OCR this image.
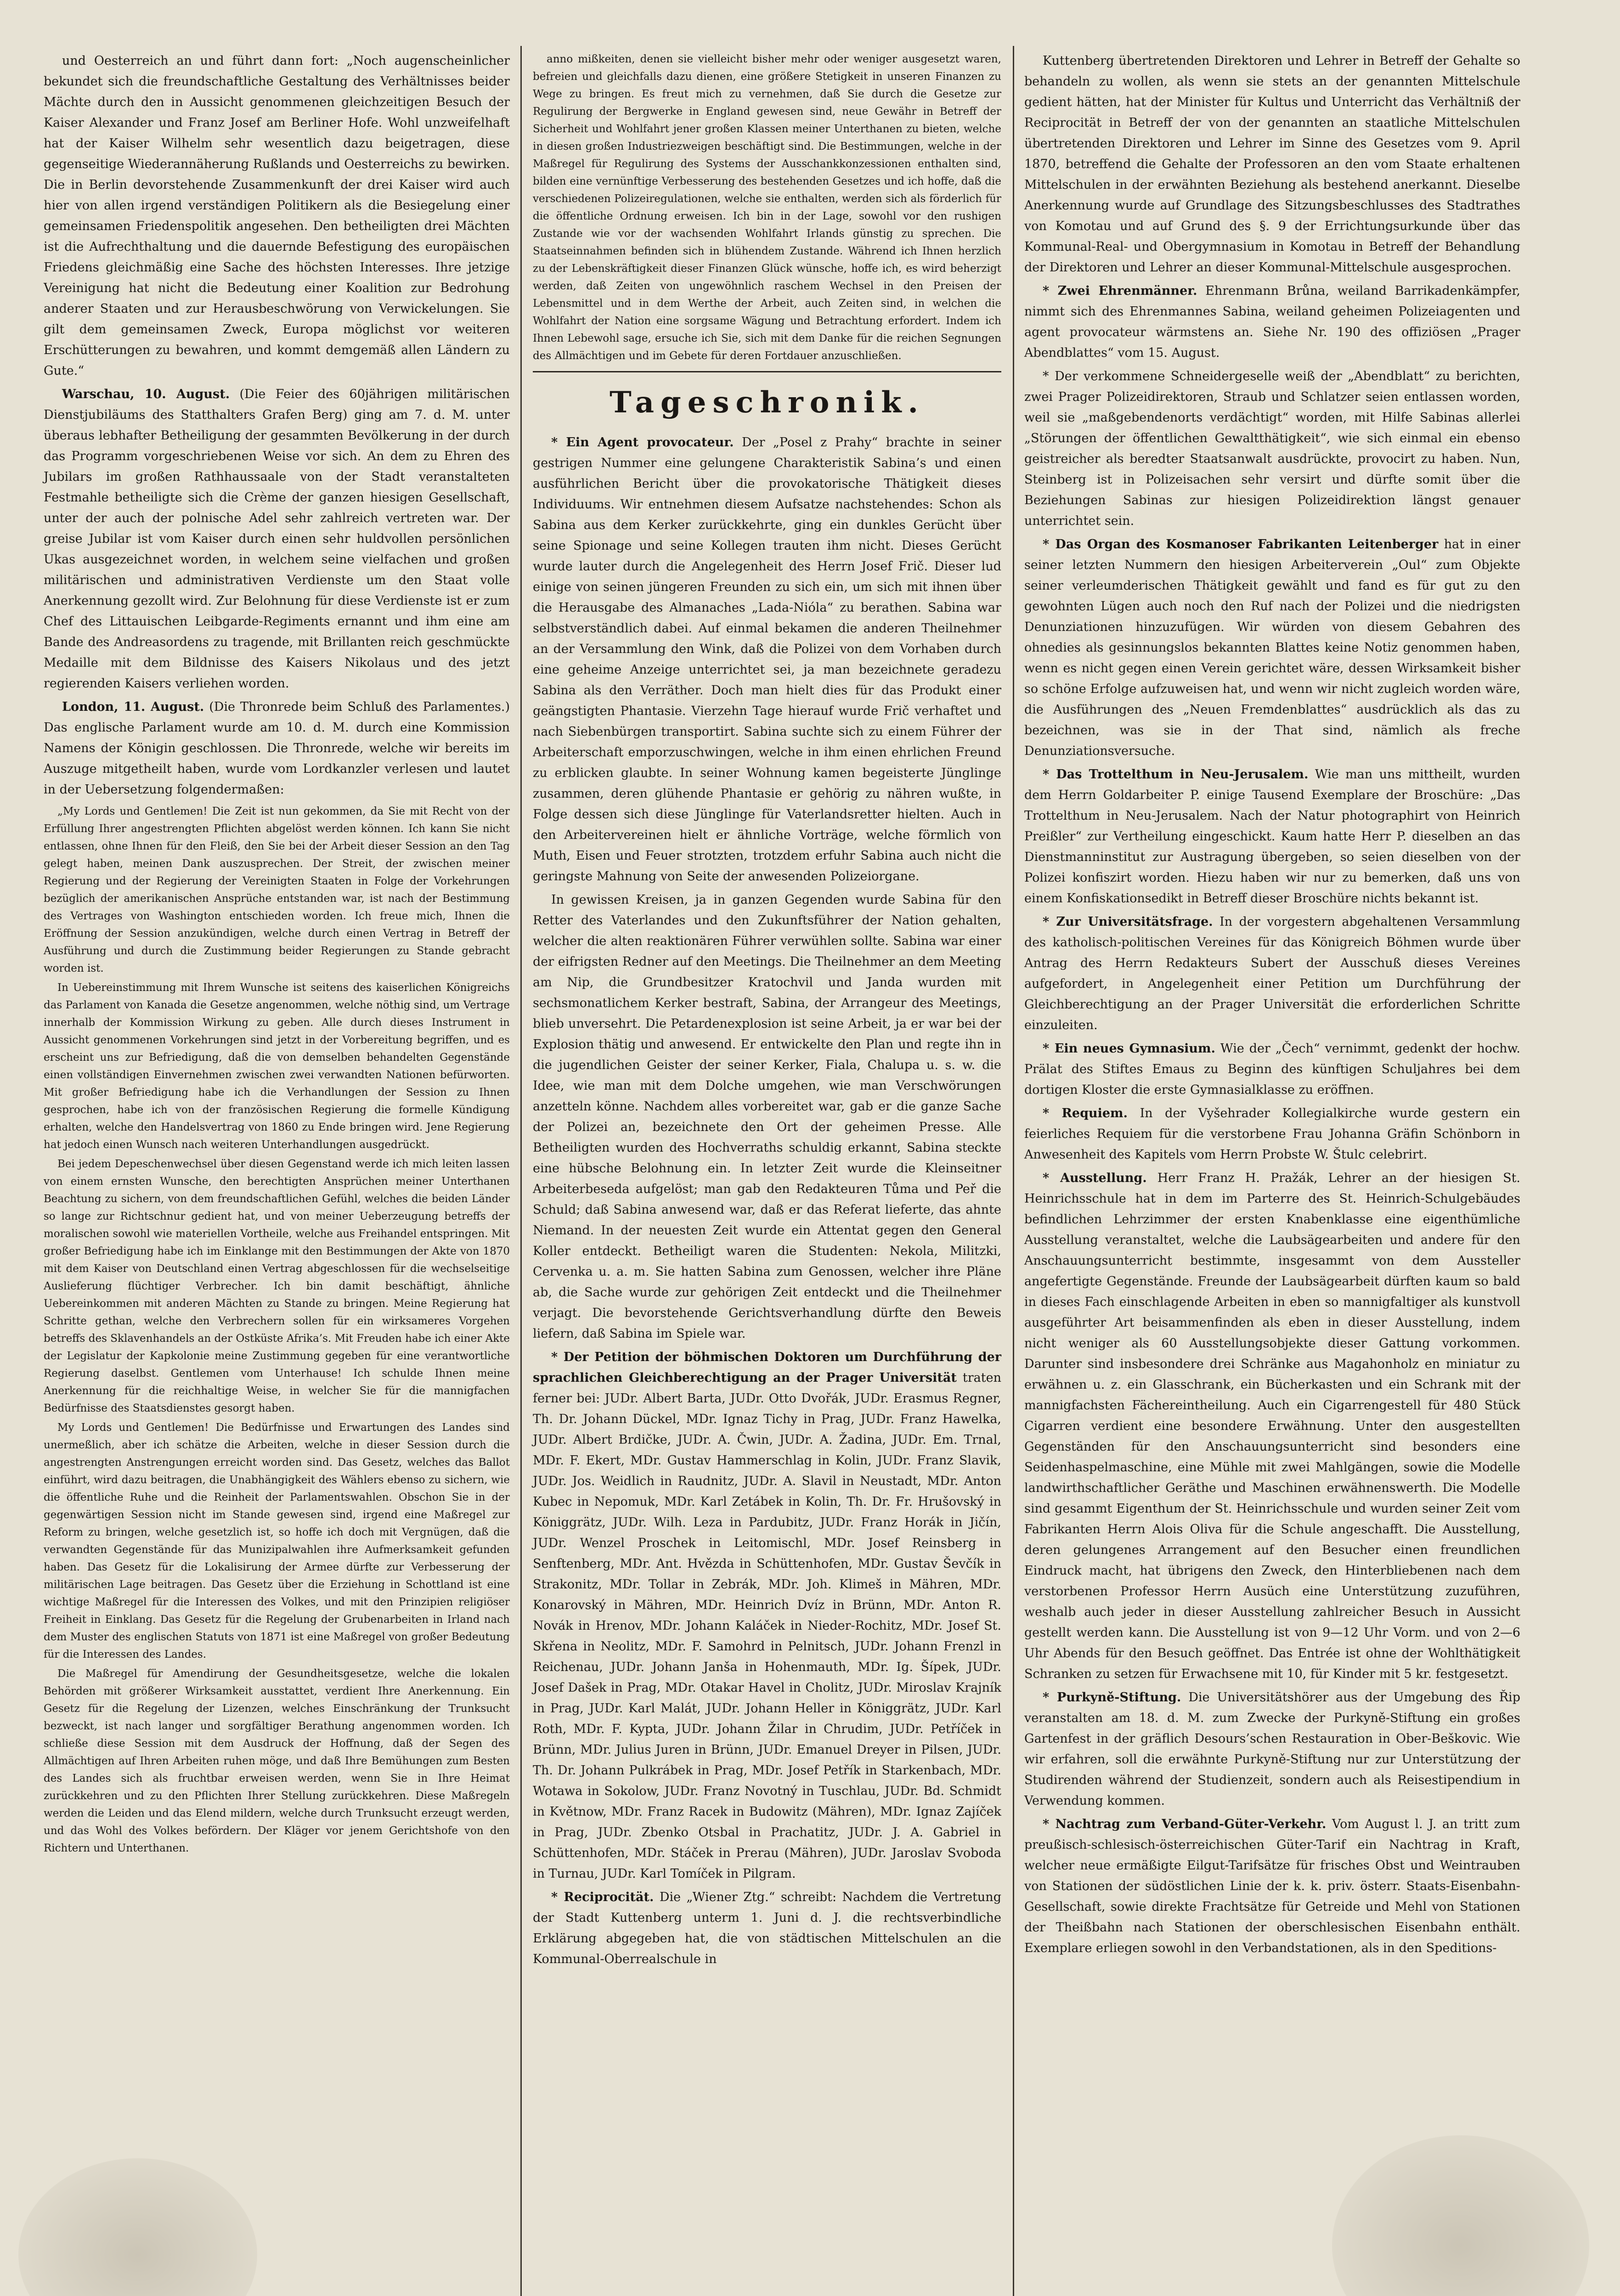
und Oesterreich an und führt dann fort: „Noch augenscheinlicher bekundet sich die freundschaftliche Gestaltung des Verhältnisses beider Mächte durch den in Aussicht genommenen gleichzeitigen Besuch der Kaiser Alexander und Franz Josef am Berliner Hofe. Wohl unzweifelhaft hat der Kaiser Wilhelm sehr wesentlich dazu beigetragen, diese gegenseitige Wiederannäherung Rußlands und Oesterreichs zu bewirken. Die in Berlin devorstehende Zusammenkunft der drei Kaiser wird auch hier von allen irgend verständigen Politikern als die Besiegelung einer gemeinsamen Friedenspolitik angesehen. Den betheiligten drei Mächten ist die Aufrechthaltung und die dauernde Befestigung des europäischen Friedens gleichmäßig eine Sache des höchsten Interesses. Ihre jetzige Vereinigung hat nicht die Bedeutung einer Koalition zur Bedrohung anderer Staaten und zur Herausbeschwörung von Verwickelungen. Sie gilt dem gemeinsamen Zweck, Europa möglichst vor weiteren Erschütterungen zu bewahren, und kommt demgemäß allen Ländern zu Gute.“

Warschau, 10. August. (Die Feier des 60jährigen militärischen Dienstjubiläums des Statthalters Grafen Berg) ging am 7. d. M. unter überaus lebhafter Betheiligung der gesammten Bevölkerung in der durch das Programm vorgeschriebenen Weise vor sich. An dem zu Ehren des Jubilars im großen Rathhaussaale von der Stadt veranstalteten Festmahle betheiligte sich die Crème der ganzen hiesigen Gesellschaft, unter der auch der polnische Adel sehr zahlreich vertreten war. Der greise Jubilar ist vom Kaiser durch einen sehr huldvollen persönlichen Ukas ausgezeichnet worden, in welchem seine vielfachen und großen militärischen und administrativen Verdienste um den Staat volle Anerkennung gezollt wird. Zur Belohnung für diese Verdienste ist er zum Chef des Littauischen Leibgarde-Regiments ernannt und ihm eine am Bande des Andreasordens zu tragende, mit Brillanten reich geschmückte Medaille mit dem Bildnisse des Kaisers Nikolaus und des jetzt regierenden Kaisers verliehen worden.

London, 11. August. (Die Thronrede beim Schluß des Parlamentes.) Das englische Parlament wurde am 10. d. M. durch eine Kommission Namens der Königin geschlossen. Die Thronrede, welche wir bereits im Auszuge mitgetheilt haben, wurde vom Lordkanzler verlesen und lautet in der Uebersetzung folgendermaßen:

„My Lords und Gentlemen! Die Zeit ist nun gekommen, da Sie mit Recht von der Erfüllung Ihrer angestrengten Pflichten abgelöst werden können. Ich kann Sie nicht entlassen, ohne Ihnen für den Fleiß, den Sie bei der Arbeit dieser Session an den Tag gelegt haben, meinen Dank auszusprechen. Der Streit, der zwischen meiner Regierung und der Regierung der Vereinigten Staaten in Folge der Vorkehrungen bezüglich der amerikanischen Ansprüche entstanden war, ist nach der Bestimmung des Vertrages von Washington entschieden worden. Ich freue mich, Ihnen die Eröffnung der Session anzukündigen, welche durch einen Vertrag in Betreff der Ausführung und durch die Zustimmung beider Regierungen zu Stande gebracht worden ist.

In Uebereinstimmung mit Ihrem Wunsche ist seitens des kaiserlichen Königreichs das Parlament von Kanada die Gesetze angenommen, welche nöthig sind, um Vertrage innerhalb der Kommission Wirkung zu geben. Alle durch dieses Instrument in Aussicht genommenen Vorkehrungen sind jetzt in der Vorbereitung begriffen, und es erscheint uns zur Befriedigung, daß die von demselben behandelten Gegenstände einen vollständigen Einvernehmen zwischen zwei verwandten Nationen befürworten. Mit großer Befriedigung habe ich die Verhandlungen der Session zu Ihnen gesprochen, habe ich von der französischen Regierung die formelle Kündigung erhalten, welche den Handelsvertrag von 1860 zu Ende bringen wird. Jene Regierung hat jedoch einen Wunsch nach weiteren Unterhandlungen ausgedrückt.

Bei jedem Depeschenwechsel über diesen Gegenstand werde ich mich leiten lassen von einem ernsten Wunsche, den berechtigten Ansprüchen meiner Unterthanen Beachtung zu sichern, von dem freundschaftlichen Gefühl, welches die beiden Länder so lange zur Richtschnur gedient hat, und von meiner Ueberzeugung betreffs der moralischen sowohl wie materiellen Vortheile, welche aus Freihandel entspringen. Mit großer Befriedigung habe ich im Einklange mit den Bestimmungen der Akte von 1870 mit dem Kaiser von Deutschland einen Vertrag abgeschlossen für die wechselseitige Auslieferung flüchtiger Verbrecher. Ich bin damit beschäftigt, ähnliche Uebereinkommen mit anderen Mächten zu Stande zu bringen. Meine Regierung hat Schritte gethan, welche den Verbrechern sollen für ein wirksameres Vorgehen betreffs des Sklavenhandels an der Ostküste Afrika’s. Mit Freuden habe ich einer Akte der Legislatur der Kapkolonie meine Zustimmung gegeben für eine verantwortliche Regierung daselbst. Gentlemen vom Unterhause! Ich schulde Ihnen meine Anerkennung für die reichhaltige Weise, in welcher Sie für die mannigfachen Bedürfnisse des Staatsdienstes gesorgt haben.

My Lords und Gentlemen! Die Bedürfnisse und Erwartungen des Landes sind unermeßlich, aber ich schätze die Arbeiten, welche in dieser Session durch die angestrengten Anstrengungen erreicht worden sind. Das Gesetz, welches das Ballot einführt, wird dazu beitragen, die Unabhängigkeit des Wählers ebenso zu sichern, wie die öffentliche Ruhe und die Reinheit der Parlamentswahlen. Obschon Sie in der gegenwärtigen Session nicht im Stande gewesen sind, irgend eine Maßregel zur Reform zu bringen, welche gesetzlich ist, so hoffe ich doch mit Vergnügen, daß die verwandten Gegenstände für das Munizipalwahlen ihre Aufmerksamkeit gefunden haben. Das Gesetz für die Lokalisirung der Armee dürfte zur Verbesserung der militärischen Lage beitragen. Das Gesetz über die Erziehung in Schottland ist eine wichtige Maßregel für die Interessen des Volkes, und mit den Prinzipien religiöser Freiheit in Einklang. Das Gesetz für die Regelung der Grubenarbeiten in Irland nach dem Muster des englischen Statuts von 1871 ist eine Maßregel von großer Bedeutung für die Interessen des Landes.

Die Maßregel für Amendirung der Gesundheitsgesetze, welche die lokalen Behörden mit größerer Wirksamkeit ausstattet, verdient Ihre Anerkennung. Ein Gesetz für die Regelung der Lizenzen, welches Einschränkung der Trunksucht bezweckt, ist nach langer und sorgfältiger Berathung angenommen worden. Ich schließe diese Session mit dem Ausdruck der Hoffnung, daß der Segen des Allmächtigen auf Ihren Arbeiten ruhen möge, und daß Ihre Bemühungen zum Besten des Landes sich als fruchtbar erweisen werden, wenn Sie in Ihre Heimat zurückkehren und zu den Pflichten Ihrer Stellung zurückkehren. Diese Maßregeln werden die Leiden und das Elend mildern, welche durch Trunksucht erzeugt werden, und das Wohl des Volkes befördern. Der Kläger vor jenem Gerichtshofe von den Richtern und Unterthanen.

anno mißkeiten, denen sie vielleicht bisher mehr oder weniger ausgesetzt waren, befreien und gleichfalls dazu dienen, eine größere Stetigkeit in unseren Finanzen zu Wege zu bringen. Es freut mich zu vernehmen, daß Sie durch die Gesetze zur Regulirung der Bergwerke in England gewesen sind, neue Gewähr in Betreff der Sicherheit und Wohlfahrt jener großen Klassen meiner Unterthanen zu bieten, welche in diesen großen Industriezweigen beschäftigt sind. Die Bestimmungen, welche in der Maßregel für Regulirung des Systems der Ausschankkonzessionen enthalten sind, bilden eine vernünftige Verbesserung des bestehenden Gesetzes und ich hoffe, daß die verschiedenen Polizeiregulationen, welche sie enthalten, werden sich als förderlich für die öffentliche Ordnung erweisen. Ich bin in der Lage, sowohl vor den rushigen Zustande wie vor der wachsenden Wohlfahrt Irlands günstig zu sprechen. Die Staatseinnahmen befinden sich in blühendem Zustande. Während ich Ihnen herzlich zu der Lebenskräftigkeit dieser Finanzen Glück wünsche, hoffe ich, es wird beherzigt werden, daß Zeiten von ungewöhnlich raschem Wechsel in den Preisen der Lebensmittel und in dem Werthe der Arbeit, auch Zeiten sind, in welchen die Wohlfahrt der Nation eine sorgsame Wägung und Betrachtung erfordert. Indem ich Ihnen Lebewohl sage, ersuche ich Sie, sich mit dem Danke für die reichen Segnungen des Allmächtigen und im Gebete für deren Fortdauer anzuschließen.

Tageschronik.

* Ein Agent provocateur. Der „Posel z Prahy“ brachte in seiner gestrigen Nummer eine gelungene Charakteristik Sabina’s und einen ausführlichen Bericht über die provokatorische Thätigkeit dieses Individuums. Wir entnehmen diesem Aufsatze nachstehendes: Schon als Sabina aus dem Kerker zurückkehrte, ging ein dunkles Gerücht über seine Spionage und seine Kollegen trauten ihm nicht. Dieses Gerücht wurde lauter durch die Angelegenheit des Herrn Josef Frič. Dieser lud einige von seinen jüngeren Freunden zu sich ein, um sich mit ihnen über die Herausgabe des Almanaches „Lada-Nióla“ zu berathen. Sabina war selbstverständlich dabei. Auf einmal bekamen die anderen Theilnehmer an der Versammlung den Wink, daß die Polizei von dem Vorhaben durch eine geheime Anzeige unterrichtet sei, ja man bezeichnete geradezu Sabina als den Verräther. Doch man hielt dies für das Produkt einer geängstigten Phantasie. Vierzehn Tage hierauf wurde Frič verhaftet und nach Siebenbürgen transportirt. Sabina suchte sich zu einem Führer der Arbeiterschaft emporzuschwingen, welche in ihm einen ehrlichen Freund zu erblicken glaubte. In seiner Wohnung kamen begeisterte Jünglinge zusammen, deren glühende Phantasie er gehörig zu nähren wußte, in Folge dessen sich diese Jünglinge für Vaterlandsretter hielten. Auch in den Arbeitervereinen hielt er ähnliche Vorträge, welche förmlich von Muth, Eisen und Feuer strotzten, trotzdem erfuhr Sabina auch nicht die geringste Mahnung von Seite der anwesenden Polizeiorgane.

In gewissen Kreisen, ja in ganzen Gegenden wurde Sabina für den Retter des Vaterlandes und den Zukunftsführer der Nation gehalten, welcher die alten reaktionären Führer verwühlen sollte. Sabina war einer der eifrigsten Redner auf den Meetings. Die Theilnehmer an dem Meeting am Nip, die Grundbesitzer Kratochvil und Janda wurden mit sechsmonatlichem Kerker bestraft, Sabina, der Arrangeur des Meetings, blieb unversehrt. Die Petardenexplosion ist seine Arbeit, ja er war bei der Explosion thätig und anwesend. Er entwickelte den Plan und regte ihn in die jugendlichen Geister der seiner Kerker, Fiala, Chalupa u. s. w. die Idee, wie man mit dem Dolche umgehen, wie man Verschwörungen anzetteln könne. Nachdem alles vorbereitet war, gab er die ganze Sache der Polizei an, bezeichnete den Ort der geheimen Presse. Alle Betheiligten wurden des Hochverraths schuldig erkannt, Sabina steckte eine hübsche Belohnung ein. In letzter Zeit wurde die Kleinseitner Arbeiterbeseda aufgelöst; man gab den Redakteuren Tůma und Peř die Schuld; daß Sabina anwesend war, daß er das Referat lieferte, das ahnte Niemand. In der neuesten Zeit wurde ein Attentat gegen den General Koller entdeckt. Betheiligt waren die Studenten: Nekola, Militzki, Cervenka u. a. m. Sie hatten Sabina zum Genossen, welcher ihre Pläne ab, die Sache wurde zur gehörigen Zeit entdeckt und die Theilnehmer verjagt. Die bevorstehende Gerichtsverhandlung dürfte den Beweis liefern, daß Sabina im Spiele war.

* Der Petition der böhmischen Doktoren um Durchführung der sprachlichen Gleichberechtigung an der Prager Universität traten ferner bei: JUDr. Albert Barta, JUDr. Otto Dvořák, JUDr. Erasmus Regner, Th. Dr. Johann Dückel, MDr. Ignaz Tichy in Prag, JUDr. Franz Hawelka, JUDr. Albert Brdičke, JUDr. A. Čwin, JUDr. A. Žadina, JUDr. Em. Trnal, MDr. F. Ekert, MDr. Gustav Hammerschlag in Kolin, JUDr. Franz Slavik, JUDr. Jos. Weidlich in Raudnitz, JUDr. A. Slavil in Neustadt, MDr. Anton Kubec in Nepomuk, MDr. Karl Zetábek in Kolin, Th. Dr. Fr. Hrušovský in Königgrätz, JUDr. Wilh. Leza in Pardubitz, JUDr. Franz Horák in Jičín, JUDr. Wenzel Proschek in Leitomischl, MDr. Josef Reinsberg in Senftenberg, MDr. Ant. Hvězda in Schüttenhofen, MDr. Gustav Ševčík in Strakonitz, MDr. Tollar in Zebrák, MDr. Joh. Klimeš in Mähren, MDr. Konarovský in Mähren, MDr. Heinrich Dvíz in Brünn, MDr. Anton R. Novák in Hrenov, MDr. Johann Kaláček in Nieder-Rochitz, MDr. Josef St. Skřena in Neolitz, MDr. F. Samohrd in Pelnitsch, JUDr. Johann Frenzl in Reichenau, JUDr. Johann Janša in Hohenmauth, MDr. Ig. Šípek, JUDr. Josef Dašek in Prag, MDr. Otakar Havel in Cholitz, JUDr. Miroslav Krajník in Prag, JUDr. Karl Malát, JUDr. Johann Heller in Königgrätz, JUDr. Karl Roth, MDr. F. Kypta, JUDr. Johann Žilar in Chrudim, JUDr. Petříček in Brünn, MDr. Julius Juren in Brünn, JUDr. Emanuel Dreyer in Pilsen, JUDr. Th. Dr. Johann Pulkrábek in Prag, MDr. Josef Petřík in Starkenbach, MDr. Wotawa in Sokolow, JUDr. Franz Novotný in Tuschlau, JUDr. Bd. Schmidt in Květnow, MDr. Franz Racek in Budowitz (Mähren), MDr. Ignaz Zajíček in Prag, JUDr. Zbenko Otsbal in Prachatitz, JUDr. J. A. Gabriel in Schüttenhofen, MDr. Stáček in Prerau (Mähren), JUDr. Jaroslav Svoboda in Turnau, JUDr. Karl Tomíček in Pilgram.

* Reciprocität. Die „Wiener Ztg.“ schreibt: Nachdem die Vertretung der Stadt Kuttenberg unterm 1. Juni d. J. die rechtsverbindliche Erklärung abgegeben hat, die von städtischen Mittelschulen an die Kommunal-Oberrealschule in

Kuttenberg übertretenden Direktoren und Lehrer in Betreff der Gehalte so behandeln zu wollen, als wenn sie stets an der genannten Mittelschule gedient hätten, hat der Minister für Kultus und Unterricht das Verhältniß der Reciprocität in Betreff der von der genannten an staatliche Mittelschulen übertretenden Direktoren und Lehrer im Sinne des Gesetzes vom 9. April 1870, betreffend die Gehalte der Professoren an den vom Staate erhaltenen Mittelschulen in der erwähnten Beziehung als bestehend anerkannt. Dieselbe Anerkennung wurde auf Grundlage des Sitzungsbeschlusses des Stadtrathes von Komotau und auf Grund des §. 9 der Errichtungsurkunde über das Kommunal-Real- und Obergymnasium in Komotau in Betreff der Behandlung der Direktoren und Lehrer an dieser Kommunal-Mittelschule ausgesprochen.

* Zwei Ehrenmänner. Ehrenmann Brůna, weiland Barrikadenkämpfer, nimmt sich des Ehrenmannes Sabina, weiland geheimen Polizeiagenten und agent provocateur wärmstens an. Siehe Nr. 190 des offiziösen „Prager Abendblattes“ vom 15. August.

* Der verkommene Schneidergeselle weiß der „Abendblatt“ zu berichten, zwei Prager Polizeidirektoren, Straub und Schlatzer seien entlassen worden, weil sie „maßgebendenorts verdächtigt“ worden, mit Hilfe Sabinas allerlei „Störungen der öffentlichen Gewaltthätigkeit“, wie sich einmal ein ebenso geistreicher als beredter Staatsanwalt ausdrückte, provocirt zu haben. Nun, Steinberg ist in Polizeisachen sehr versirt und dürfte somit über die Beziehungen Sabinas zur hiesigen Polizeidirektion längst genauer unterrichtet sein.

* Das Organ des Kosmanoser Fabrikanten Leitenberger hat in einer seiner letzten Nummern den hiesigen Arbeiterverein „Oul“ zum Objekte seiner verleumderischen Thätigkeit gewählt und fand es für gut zu den gewohnten Lügen auch noch den Ruf nach der Polizei und die niedrigsten Denunziationen hinzuzufügen. Wir würden von diesem Gebahren des ohnedies als gesinnungslos bekannten Blattes keine Notiz genommen haben, wenn es nicht gegen einen Verein gerichtet wäre, dessen Wirksamkeit bisher so schöne Erfolge aufzuweisen hat, und wenn wir nicht zugleich worden wäre, die Ausführungen des „Neuen Fremdenblattes“ ausdrücklich als das zu bezeichnen, was sie in der That sind, nämlich als freche Denunziationsversuche.

* Das Trottelthum in Neu-Jerusalem. Wie man uns mittheilt, wurden dem Herrn Goldarbeiter P. einige Tausend Exemplare der Broschüre: „Das Trottelthum in Neu-Jerusalem. Nach der Natur photographirt von Heinrich Preißler“ zur Vertheilung eingeschickt. Kaum hatte Herr P. dieselben an das Dienstmanninstitut zur Austragung übergeben, so seien dieselben von der Polizei konfiszirt worden. Hiezu haben wir nur zu bemerken, daß uns von einem Konfiskationsedikt in Betreff dieser Broschüre nichts bekannt ist.

* Zur Universitätsfrage. In der vorgestern abgehaltenen Versammlung des katholisch-politischen Vereines für das Königreich Böhmen wurde über Antrag des Herrn Redakteurs Subert der Ausschuß dieses Vereines aufgefordert, in Angelegenheit einer Petition um Durchführung der Gleichberechtigung an der Prager Universität die erforderlichen Schritte einzuleiten.

* Ein neues Gymnasium. Wie der „Čech“ vernimmt, gedenkt der hochw. Prälat des Stiftes Emaus zu Beginn des künftigen Schuljahres bei dem dortigen Kloster die erste Gymnasialklasse zu eröffnen.

* Requiem. In der Vyšehrader Kollegialkirche wurde gestern ein feierliches Requiem für die verstorbene Frau Johanna Gräfin Schönborn in Anwesenheit des Kapitels vom Herrn Probste W. Štulc celebrirt.

* Ausstellung. Herr Franz H. Pražák, Lehrer an der hiesigen St. Heinrichsschule hat in dem im Parterre des St. Heinrich-Schulgebäudes befindlichen Lehrzimmer der ersten Knabenklasse eine eigenthümliche Ausstellung veranstaltet, welche die Laubsägearbeiten und andere für den Anschauungsunterricht bestimmte, insgesammt von dem Aussteller angefertigte Gegenstände. Freunde der Laubsägearbeit dürften kaum so bald in dieses Fach einschlagende Arbeiten in eben so mannigfaltiger als kunstvoll ausgeführter Art beisammenfinden als eben in dieser Ausstellung, indem nicht weniger als 60 Ausstellungsobjekte dieser Gattung vorkommen. Darunter sind insbesondere drei Schränke aus Magahonholz en miniatur zu erwähnen u. z. ein Glasschrank, ein Bücherkasten und ein Schrank mit der mannigfachsten Fächereintheilung. Auch ein Cigarrengestell für 480 Stück Cigarren verdient eine besondere Erwähnung. Unter den ausgestellten Gegenständen für den Anschauungsunterricht sind besonders eine Seidenhaspelmaschine, eine Mühle mit zwei Mahlgängen, sowie die Modelle landwirthschaftlicher Geräthe und Maschinen erwähnenswerth. Die Modelle sind gesammt Eigenthum der St. Heinrichsschule und wurden seiner Zeit vom Fabrikanten Herrn Alois Oliva für die Schule angeschafft. Die Ausstellung, deren gelungenes Arrangement auf den Besucher einen freundlichen Eindruck macht, hat übrigens den Zweck, den Hinterbliebenen nach dem verstorbenen Professor Herrn Ausüch eine Unterstützung zuzuführen, weshalb auch jeder in dieser Ausstellung zahlreicher Besuch in Aussicht gestellt werden kann. Die Ausstellung ist von 9—12 Uhr Vorm. und von 2—6 Uhr Abends für den Besuch geöffnet. Das Entrée ist ohne der Wohlthätigkeit Schranken zu setzen für Erwachsene mit 10, für Kinder mit 5 kr. festgesetzt.

* Purkyně-Stiftung. Die Universitätshörer aus der Umgebung des Řip veranstalten am 18. d. M. zum Zwecke der Purkyně-Stiftung ein großes Gartenfest in der gräflich Desours’schen Restauration in Ober-Beškovic. Wie wir erfahren, soll die erwähnte Purkyně-Stiftung nur zur Unterstützung der Studirenden während der Studienzeit, sondern auch als Reisestipendium in Verwendung kommen.

* Nachtrag zum Verband-Güter-Verkehr. Vom August l. J. an tritt zum preußisch-schlesisch-österreichischen Güter-Tarif ein Nachtrag in Kraft, welcher neue ermäßigte Eilgut-Tarifsätze für frisches Obst und Weintrauben von Stationen der südöstlichen Linie der k. k. priv. österr. Staats-Eisenbahn-Gesellschaft, sowie direkte Frachtsätze für Getreide und Mehl von Stationen der Theißbahn nach Stationen der oberschlesischen Eisenbahn enthält. Exemplare erliegen sowohl in den Verbandstationen, als in den Speditions-
